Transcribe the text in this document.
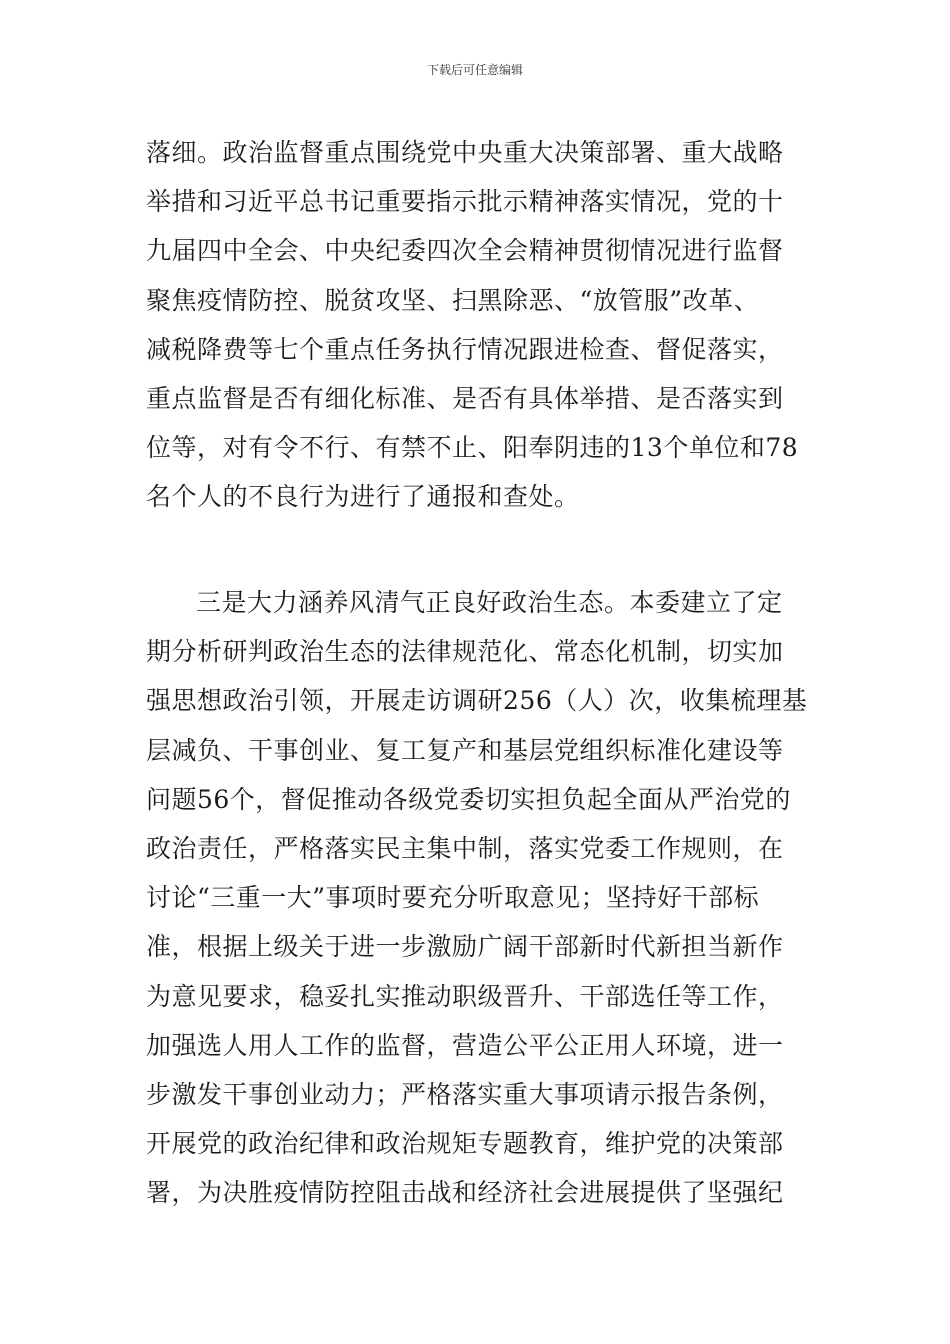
下载后可任意编辑
落细。政治监督重点围绕党中央重大决策部署、重大战略
举措和习近平总书记重要指示批示精神落实情况，党的十
九届四中全会、中央纪委四次全会精神贯彻情况进行监督
聚焦疫情防控、脱贫攻坚、扫黑除恶、“放管服”改革、
减税降费等七个重点任务执行情况跟进检查、督促落实，
重点监督是否有细化标准、是否有具体举措、是否落实到
位等，对有令不行、有禁不止、阳奉阴违的13个单位和78
名个人的不良行为进行了通报和查处。
三是大力涵养风清气正良好政治生态。本委建立了定
期分析研判政治生态的法律规范化、常态化机制，切实加
强思想政治引领，开展走访调研256（人）次，收集梳理基
层减负、干事创业、复工复产和基层党组织标准化建设等
问题56个，督促推动各级党委切实担负起全面从严治党的
政治责任，严格落实民主集中制，落实党委工作规则，在
讨论“三重一大”事项时要充分听取意见；坚持好干部标
准，根据上级关于进一步激励广阔干部新时代新担当新作
为意见要求，稳妥扎实推动职级晋升、干部选任等工作，
加强选人用人工作的监督，营造公平公正用人环境，进一
步激发干事创业动力；严格落实重大事项请示报告条例，
开展党的政治纪律和政治规矩专题教育，维护党的决策部
署，为决胜疫情防控阻击战和经济社会进展提供了坚强纪
